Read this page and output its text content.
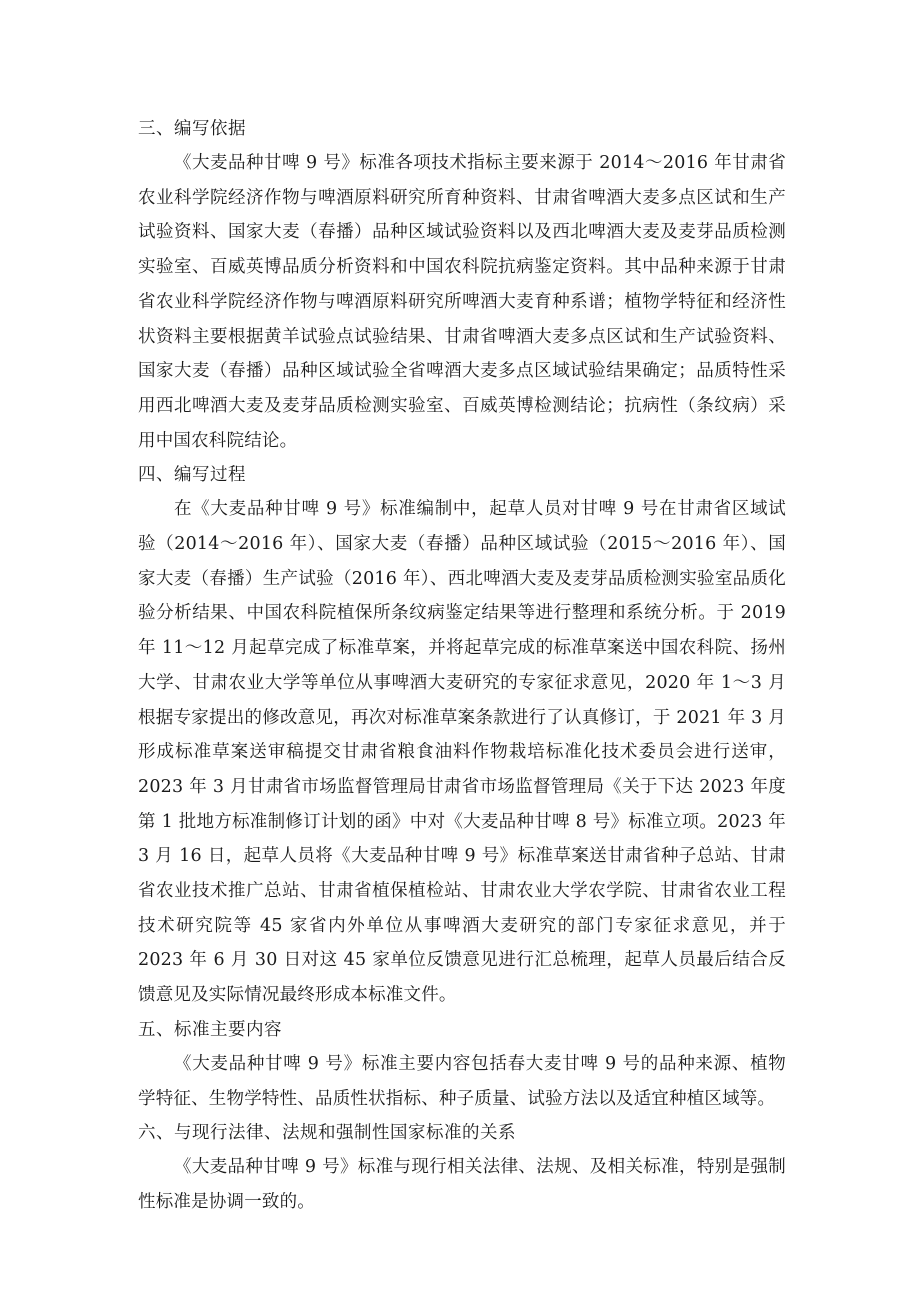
三、编写依据

《大麦品种甘啤 9 号》标准各项技术指标主要来源于 2014～2016 年甘肃省农业科学院经济作物与啤酒原料研究所育种资料、甘肃省啤酒大麦多点区试和生产试验资料、国家大麦（春播）品种区域试验资料以及西北啤酒大麦及麦芽品质检测实验室、百威英博品质分析资料和中国农科院抗病鉴定资料。其中品种来源于甘肃省农业科学院经济作物与啤酒原料研究所啤酒大麦育种系谱；植物学特征和经济性状资料主要根据黄羊试验点试验结果、甘肃省啤酒大麦多点区试和生产试验资料、国家大麦（春播）品种区域试验全省啤酒大麦多点区域试验结果确定；品质特性采用西北啤酒大麦及麦芽品质检测实验室、百威英博检测结论；抗病性（条纹病）采用中国农科院结论。

四、编写过程

在《大麦品种甘啤 9 号》标准编制中，起草人员对甘啤 9 号在甘肃省区域试验（2014～2016 年）、国家大麦（春播）品种区域试验（2015～2016 年）、国家大麦（春播）生产试验（2016 年）、西北啤酒大麦及麦芽品质检测实验室品质化验分析结果、中国农科院植保所条纹病鉴定结果等进行整理和系统分析。于 2019 年 11～12 月起草完成了标准草案，并将起草完成的标准草案送中国农科院、扬州大学、甘肃农业大学等单位从事啤酒大麦研究的专家征求意见，2020 年 1～3 月根据专家提出的修改意见，再次对标准草案条款进行了认真修订，于 2021 年 3 月形成标准草案送审稿提交甘肃省粮食油料作物栽培标准化技术委员会进行送审，2023 年 3 月甘肃省市场监督管理局甘肃省市场监督管理局《关于下达 2023 年度第 1 批地方标准制修订计划的函》中对《大麦品种甘啤 8 号》标准立项。2023 年 3 月 16 日，起草人员将《大麦品种甘啤 9 号》标准草案送甘肃省种子总站、甘肃省农业技术推广总站、甘肃省植保植检站、甘肃农业大学农学院、甘肃省农业工程技术研究院等 45 家省内外单位从事啤酒大麦研究的部门专家征求意见，并于 2023 年 6 月 30 日对这 45 家单位反馈意见进行汇总梳理，起草人员最后结合反馈意见及实际情况最终形成本标准文件。

五、标准主要内容

《大麦品种甘啤 9 号》标准主要内容包括春大麦甘啤 9 号的品种来源、植物学特征、生物学特性、品质性状指标、种子质量、试验方法以及适宜种植区域等。

六、与现行法律、法规和强制性国家标准的关系

《大麦品种甘啤 9 号》标准与现行相关法律、法规、及相关标准，特别是强制性标准是协调一致的。
